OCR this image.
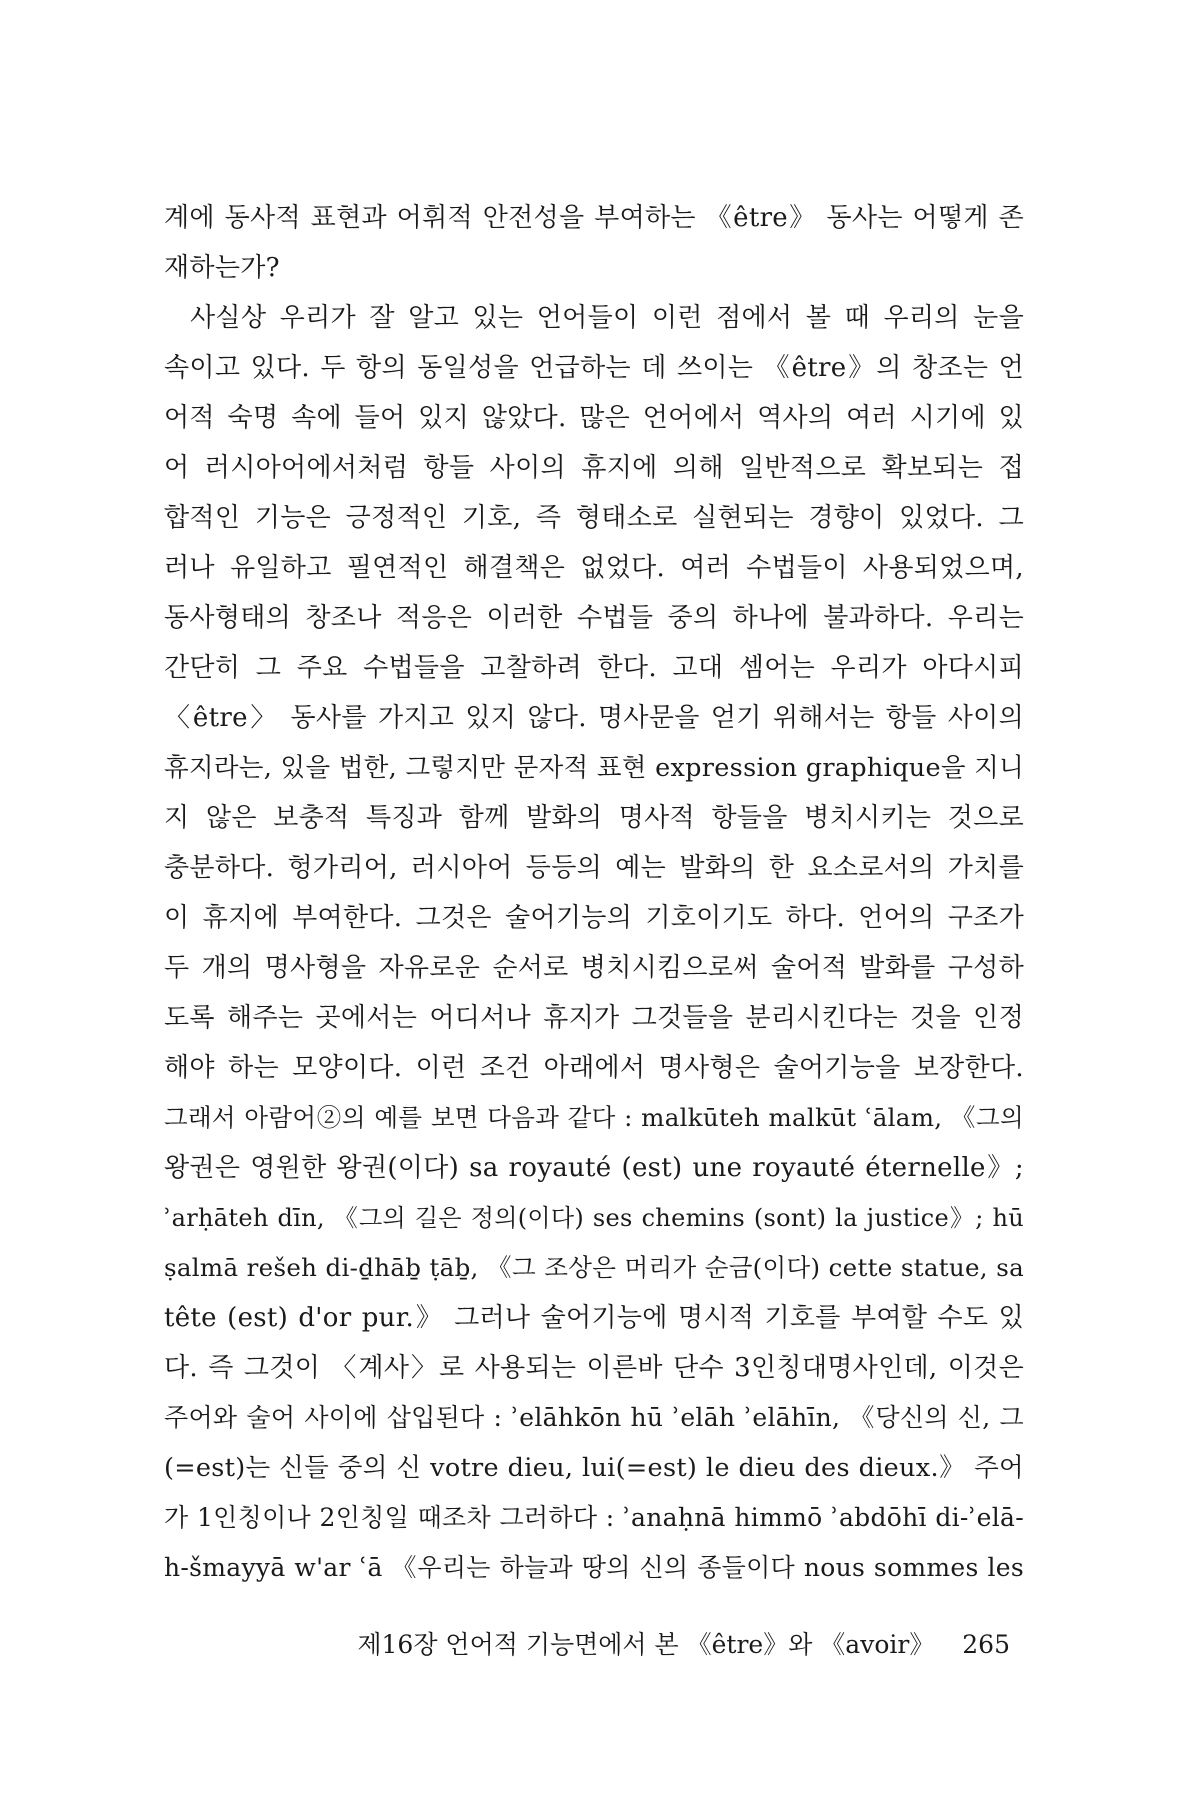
계에 동사적 표현과 어휘적 안전성을 부여하는 《être》 동사는 어떻게 존
재하는가?
사실상 우리가 잘 알고 있는 언어들이 이런 점에서 볼 때 우리의 눈을
속이고 있다. 두 항의 동일성을 언급하는 데 쓰이는 《être》의 창조는 언
어적 숙명 속에 들어 있지 않았다. 많은 언어에서 역사의 여러 시기에 있
어 러시아어에서처럼 항들 사이의 휴지에 의해 일반적으로 확보되는 접
합적인 기능은 긍정적인 기호, 즉 형태소로 실현되는 경향이 있었다. 그
러나 유일하고 필연적인 해결책은 없었다. 여러 수법들이 사용되었으며,
동사형태의 창조나 적응은 이러한 수법들 중의 하나에 불과하다. 우리는
간단히 그 주요 수법들을 고찰하려 한다. 고대 셈어는 우리가 아다시피
〈être〉 동사를 가지고 있지 않다. 명사문을 얻기 위해서는 항들 사이의
휴지라는, 있을 법한, 그렇지만 문자적 표현 expression graphique을 지니
지 않은 보충적 특징과 함께 발화의 명사적 항들을 병치시키는 것으로
충분하다. 헝가리어, 러시아어 등등의 예는 발화의 한 요소로서의 가치를
이 휴지에 부여한다. 그것은 술어기능의 기호이기도 하다. 언어의 구조가
두 개의 명사형을 자유로운 순서로 병치시킴으로써 술어적 발화를 구성하
도록 해주는 곳에서는 어디서나 휴지가 그것들을 분리시킨다는 것을 인정
해야 하는 모양이다. 이런 조건 아래에서 명사형은 술어기능을 보장한다.
그래서 아람어②의 예를 보면 다음과 같다 : malkūteh malkūt ʿālam, 《그의
왕권은 영원한 왕권(이다) sa royauté (est) une royauté éternelle》;
ʾarḥāteh dīn, 《그의 길은 정의(이다) ses chemins (sont) la justice》; hū
ṣalmā rešeh di-ḏhāḇ ṭāḇ, 《그 조상은 머리가 순금(이다) cette statue, sa
tête (est) d'or pur.》 그러나 술어기능에 명시적 기호를 부여할 수도 있
다. 즉 그것이 〈계사〉로 사용되는 이른바 단수 3인칭대명사인데, 이것은
주어와 술어 사이에 삽입된다 : ʾelāhkōn hū ʾelāh ʾelāhīn, 《당신의 신, 그
(=est)는 신들 중의 신 votre dieu, lui(=est) le dieu des dieux.》 주어
가 1인칭이나 2인칭일 때조차 그러하다 : ʾanaḥnā himmō ʾabdōhī di-ʾelā-
h-šmayyā w'ar ʿā 《우리는 하늘과 땅의 신의 종들이다 nous sommes les
제16장 언어적 기능면에서 본 《être》와 《avoir》 265
